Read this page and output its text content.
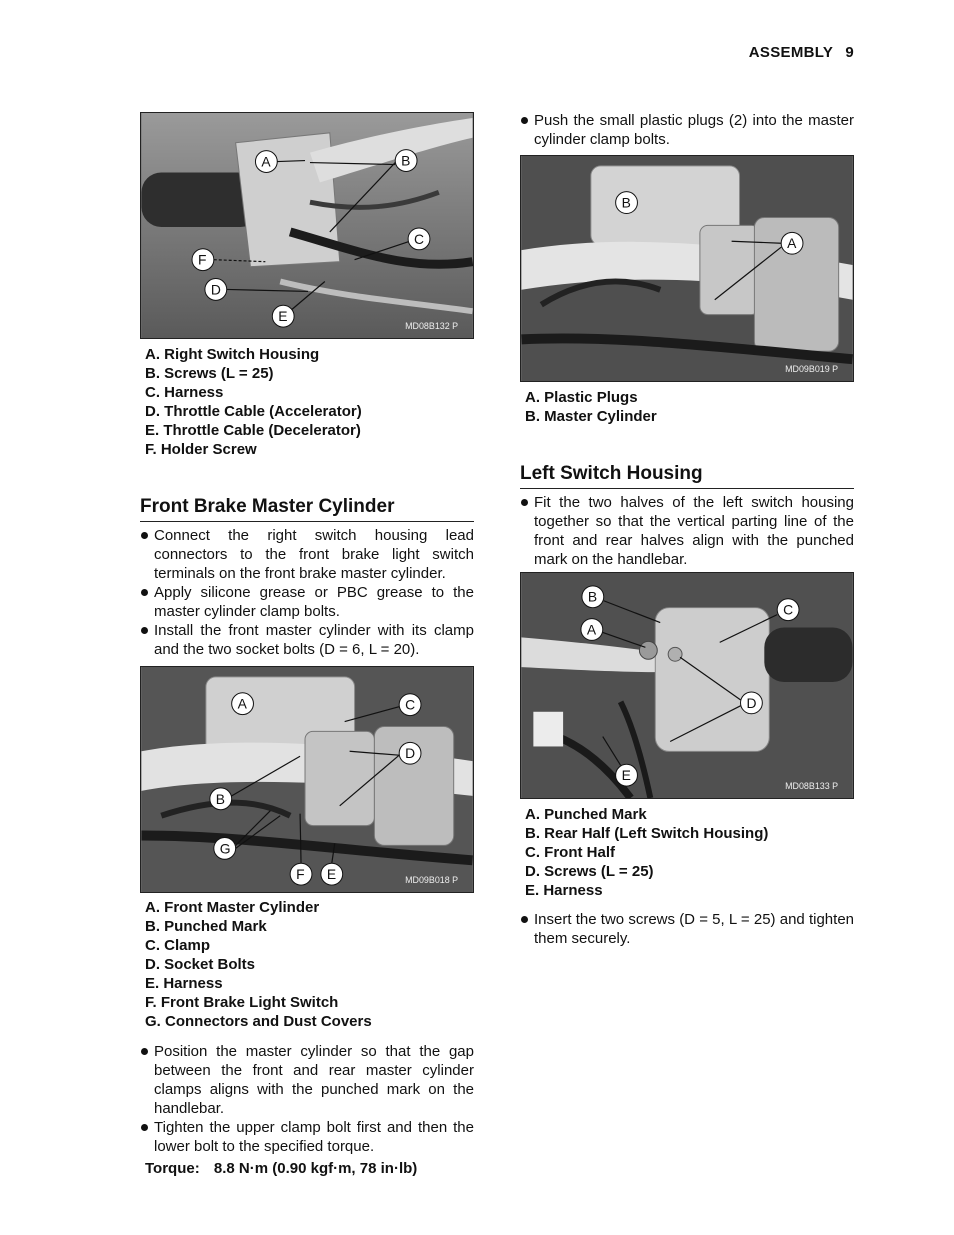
ASSEMBLY 9
A	B
C
D
E
F
MD08B132 P
A. Right Switch Housing
B. Screws (L = 25)
C. Harness
D. Throttle Cable (Accelerator)
E. Throttle Cable (Decelerator)
F. Holder Screw
Front Brake Master Cylinder
Connect the right switch housing lead connectors to the front brake light switch terminals on the front brake master cylinder.
Apply silicone grease or PBC grease to the master cylinder clamp bolts.
Install the front master cylinder with its clamp and the two socket bolts (D = 6, L = 20).
A
B
C
D
E
F
G
MD09B018 P
A. Front Master Cylinder
B. Punched Mark
C. Clamp
D. Socket Bolts
E. Harness
F. Front Brake Light Switch
G. Connectors and Dust Covers
Position the master cylinder so that the gap between the front and rear master cylinder clamps aligns with the punched mark on the handlebar.
Tighten the upper clamp bolt first and then the lower bolt to the specified torque.
Torque: 8.8 N·m (0.90 kgf·m, 78 in·lb)
Push the small plastic plugs (2) into the master cylinder clamp bolts.
B
A
MD09B019 P
A. Plastic Plugs
B. Master Cylinder
Left Switch Housing
Fit the two halves of the left switch housing together so that the vertical parting line of the front and rear halves align with the punched mark on the handlebar.
B
A
C
D
E
MD08B133 P
A. Punched Mark
B. Rear Half (Left Switch Housing)
C. Front Half
D. Screws (L = 25)
E. Harness
Insert the two screws (D = 5, L = 25) and tighten them securely.
